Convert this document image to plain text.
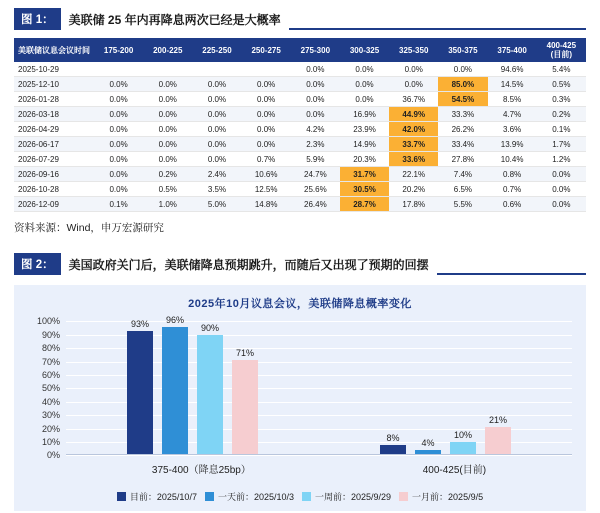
图 1：	美联储 25 年内再降息两次已经是大概率
美联储议息会议时间	175-200	200-225	225-250	250-275	275-300	300-325	325-350	350-375	375-400	400-425
(目前)
2025-10-29					0.0%	0.0%	0.0%	0.0%	94.6%	5.4%
2025-12-10	0.0%	0.0%	0.0%	0.0%	0.0%	0.0%	0.0%	85.0%	14.5%	0.5%
2026-01-28	0.0%	0.0%	0.0%	0.0%	0.0%	0.0%	36.7%	54.5%	8.5%	0.3%
2026-03-18	0.0%	0.0%	0.0%	0.0%	0.0%	16.9%	44.9%	33.3%	4.7%	0.2%
2026-04-29	0.0%	0.0%	0.0%	0.0%	4.2%	23.9%	42.0%	26.2%	3.6%	0.1%
2026-06-17	0.0%	0.0%	0.0%	0.0%	2.3%	14.9%	33.7%	33.4%	13.9%	1.7%
2026-07-29	0.0%	0.0%	0.0%	0.7%	5.9%	20.3%	33.6%	27.8%	10.4%	1.2%
2026-09-16	0.0%	0.2%	2.4%	10.6%	24.7%	31.7%	22.1%	7.4%	0.8%	0.0%
2026-10-28	0.0%	0.5%	3.5%	12.5%	25.6%	30.5%	20.2%	6.5%	0.7%	0.0%
2026-12-09	0.1%	1.0%	5.0%	14.8%	26.4%	28.7%	17.8%	5.5%	0.6%	0.0%
资料来源：Wind，申万宏源研究
图 2：	美国政府关门后，美联储降息预期跳升，而随后又出现了预期的回摆
2025年10月议息会议，美联储降息概率变化
0%
10%
20%
30%
40%
50%
60%
70%
80%
90%
100%	93% 96%
90%
71%
8%
4%
10%
21%
375-400（降息25bp）	400-425(目前)
目前：2025/10/7 一天前：2025/10/3 一周前：2025/9/29 一月前：2025/9/5
